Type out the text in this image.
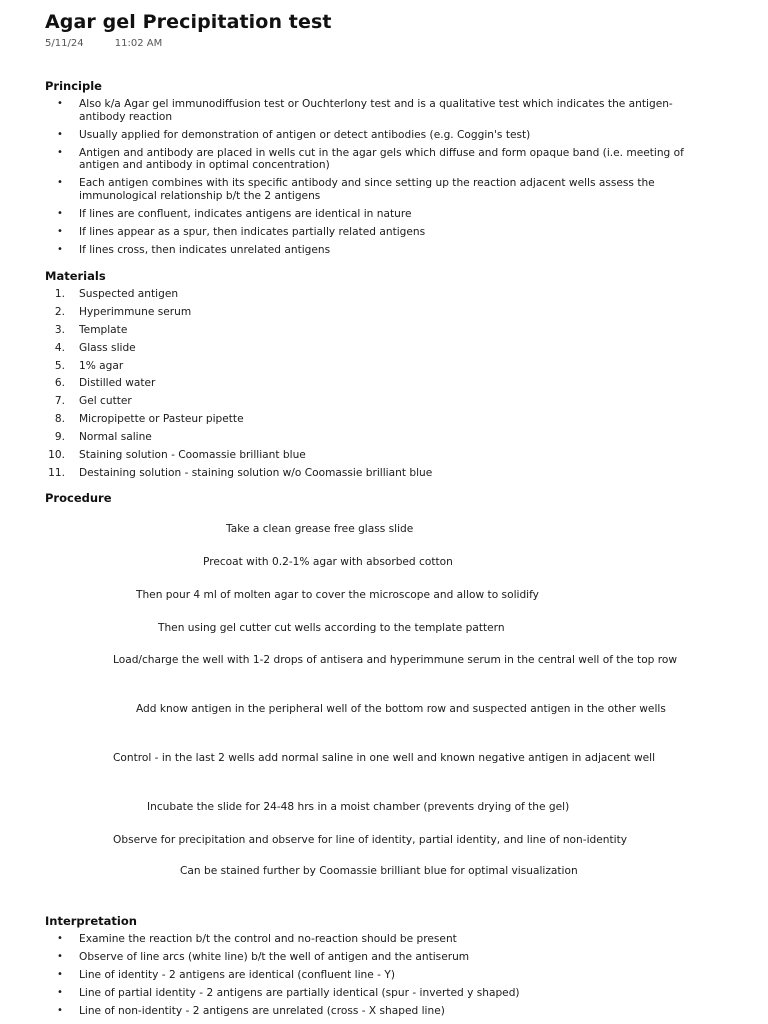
Agar gel Precipitation test
5/11/24	11:02 AM
Principle
• Also k/a Agar gel immunodiffusion test or Ouchterlony test and is a qualitative test which indicates the antigen-antibody reaction
• Usually applied for demonstration of antigen or detect antibodies (e.g. Coggin's test)
• Antigen and antibody are placed in wells cut in the agar gels which diffuse and form opaque band (i.e. meeting of antigen and antibody in optimal concentration)
• Each antigen combines with its specific antibody and since setting up the reaction adjacent wells assess the immunological relationship b/t the 2 antigens
• If lines are confluent, indicates antigens are identical in nature
• If lines appear as a spur, then indicates partially related antigens
• If lines cross, then indicates unrelated antigens
Materials
1. Suspected antigen
2. Hyperimmune serum
3. Template
4. Glass slide
5. 1% agar
6. Distilled water
7. Gel cutter
8. Micropipette or Pasteur pipette
9. Normal saline
10. Staining solution - Coomassie brilliant blue
11. Destaining solution - staining solution w/o Coomassie brilliant blue
Procedure

Take a clean grease free glass slide

Precoat with 0.2-1% agar with absorbed cotton

Then pour 4 ml of molten agar to cover the microscope and allow to solidify

Then using gel cutter cut wells according to the template pattern

Load/charge the well with 1-2 drops of antisera and hyperimmune serum in the central well of the top row

Add know antigen in the peripheral well of the bottom row and suspected antigen in the other wells

Control - in the last 2 wells add normal saline in one well and known negative antigen in adjacent well

Incubate the slide for 24-48 hrs in a moist chamber (prevents drying of the gel)

Observe for precipitation and observe for line of identity, partial identity, and line of non-identity

Can be stained further by Coomassie brilliant blue for optimal visualization

Interpretation
• Examine the reaction b/t the control and no-reaction should be present
• Observe of line arcs (white line) b/t the well of antigen and the antiserum
• Line of identity - 2 antigens are identical (confluent line - Y)
• Line of partial identity - 2 antigens are partially identical (spur - inverted y shaped)
• Line of non-identity - 2 antigens are unrelated (cross - X shaped line)
